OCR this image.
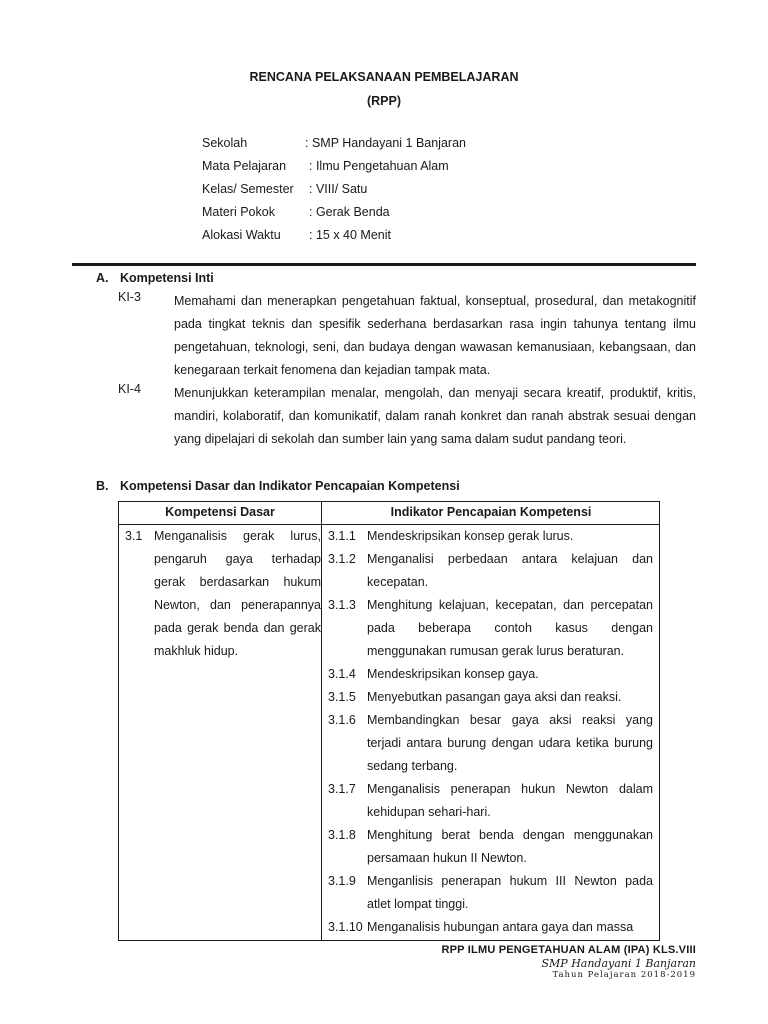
RENCANA PELAKSANAAN PEMBELAJARAN
(RPP)
Sekolah	: SMP Handayani 1 Banjaran
Mata Pelajaran	: Ilmu Pengetahuan Alam
Kelas/ Semester	: VIII/ Satu
Materi Pokok	: Gerak Benda
Alokasi Waktu	: 15 x 40 Menit
A. Kompetensi Inti
KI-3	Memahami dan menerapkan pengetahuan faktual, konseptual, prosedural, dan metakognitif pada tingkat teknis dan spesifik sederhana berdasarkan rasa ingin tahunya tentang ilmu pengetahuan, teknologi, seni, dan budaya dengan wawasan kemanusiaan, kebangsaan, dan kenegaraan terkait fenomena dan kejadian tampak mata.
KI-4	Menunjukkan keterampilan menalar, mengolah, dan menyaji secara kreatif, produktif, kritis, mandiri, kolaboratif, dan komunikatif, dalam ranah konkret dan ranah abstrak sesuai dengan yang dipelajari di sekolah dan sumber lain yang sama dalam sudut pandang teori.
B. Kompetensi Dasar dan Indikator Pencapaian Kompetensi
Kompetensi Dasar	Indikator Pencapaian Kompetensi
3.1 Menganalisis gerak lurus, pengaruh gaya terhadap gerak berdasarkan hukum Newton, dan penerapannya pada gerak benda dan gerak makhluk hidup.
3.1.1 Mendeskripsikan konsep gerak lurus.
3.1.2 Menganalisi perbedaan antara kelajuan dan kecepatan.
3.1.3 Menghitung kelajuan, kecepatan, dan percepatan pada beberapa contoh kasus dengan menggunakan rumusan gerak lurus beraturan.
3.1.4 Mendeskripsikan konsep gaya.
3.1.5 Menyebutkan pasangan gaya aksi dan reaksi.
3.1.6 Membandingkan besar gaya aksi reaksi yang terjadi antara burung dengan udara ketika burung sedang terbang.
3.1.7 Menganalisis penerapan hukun Newton dalam kehidupan sehari-hari.
3.1.8 Menghitung berat benda dengan menggunakan persamaan hukun II Newton.
3.1.9 Menganlisis penerapan hukum III Newton pada atlet lompat tinggi.
3.1.10 Menganalisis hubungan antara gaya dan massa
RPP ILMU PENGETAHUAN ALAM (IPA) KLS.VIII
SMP Handayani 1 Banjaran
Tahun Pelajaran 2018-2019
